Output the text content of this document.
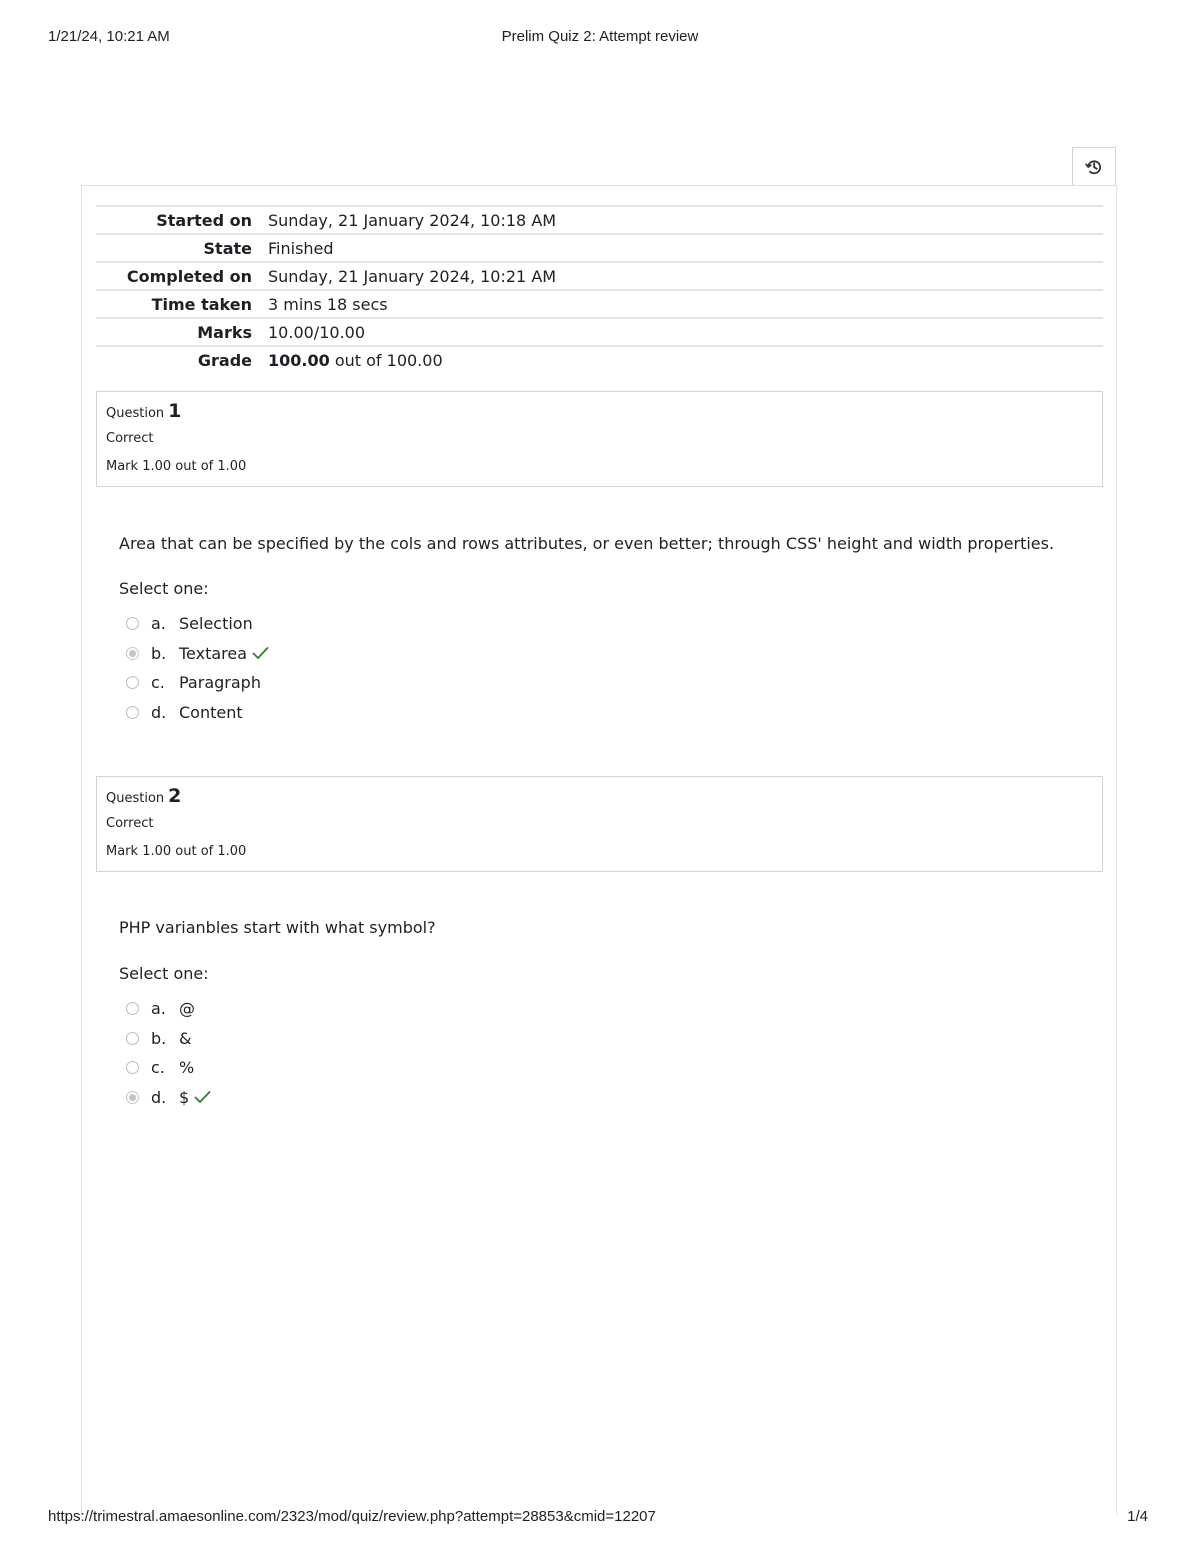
1/21/24, 10:21 AM	Prelim Quiz 2: Attempt review
Started on	Sunday, 21 January 2024, 10:18 AM
State	Finished
Completed on	Sunday, 21 January 2024, 10:21 AM
Time taken	3 mins 18 secs
Marks	10.00/10.00
Grade	100.00 out of 100.00
Question 1
Correct
Mark 1.00 out of 1.00
Area that can be specified by the cols and rows attributes, or even better; through CSS' height and width properties.
Select one:
a. Selection
b. Textarea
c. Paragraph
d. Content
Question 2
Correct
Mark 1.00 out of 1.00
PHP varianbles start with what symbol?
Select one:
a. @
b. &
c. %
d. $
https://trimestral.amaesonline.com/2323/mod/quiz/review.php?attempt=28853&cmid=12207	1/4
